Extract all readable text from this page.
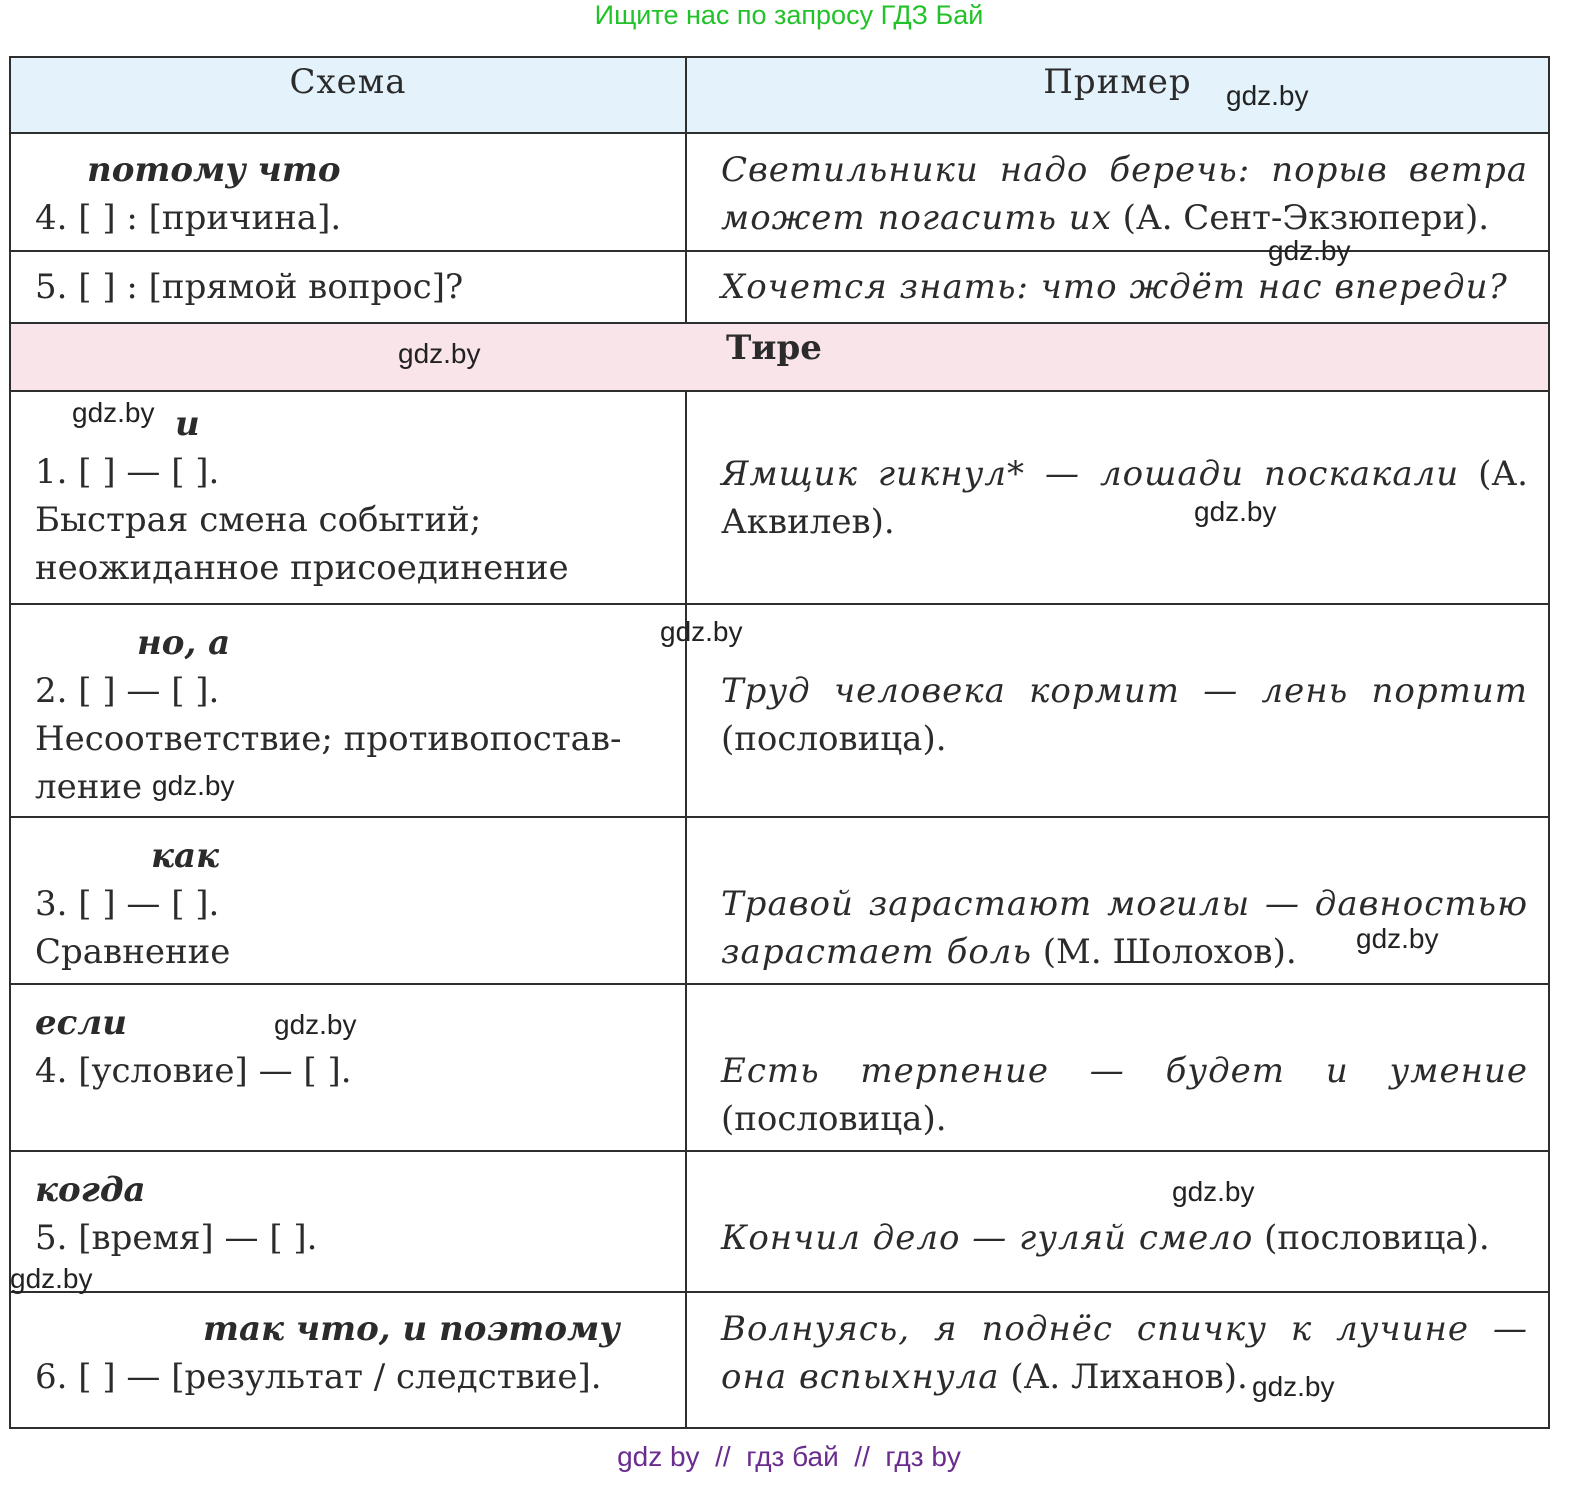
Ищите нас по запросу ГДЗ Бай
Схема	Пример

потому что
4. [ ] : [причина].	Светильники надо беречь: порыв ветра может погасить их (А. Сент-Экзюпери).

5. [ ] : [прямой вопрос]?	Хочется знать: что ждёт нас впереди?

Тире	

и
1. [ ] — [ ].
Быстрая смена событий; неожиданное присоединение	Ямщик гикнул* — лошади поскакали (А. Аквилев).

но, а
2. [ ] — [ ].
Несоответствие; противопостав-ление	Труд человека кормит — лень портит (пословица).

как
3. [ ] — [ ].
Сравнение	Травой зарастают могилы — давностью зарастает боль (М. Шолохов).

если
4. [условие] — [ ].	Есть терпение — будет и умение (пословица).

когда
5. [время] — [ ].	Кончил дело — гуляй смело (пословица).

так что, и поэтому
6. [ ] — [результат / следствие].	Волнуясь, я поднёс спичку к лучине — она вспыхнула (А. Лиханов).
gdz.by
gdz.by
gdz.by
gdz.by
gdz.by
gdz.by
gdz.by
gdz.by
gdz.by
gdz.by
gdz.by
gdz.by
gdz by  //  гдз бай  //  гдз by
